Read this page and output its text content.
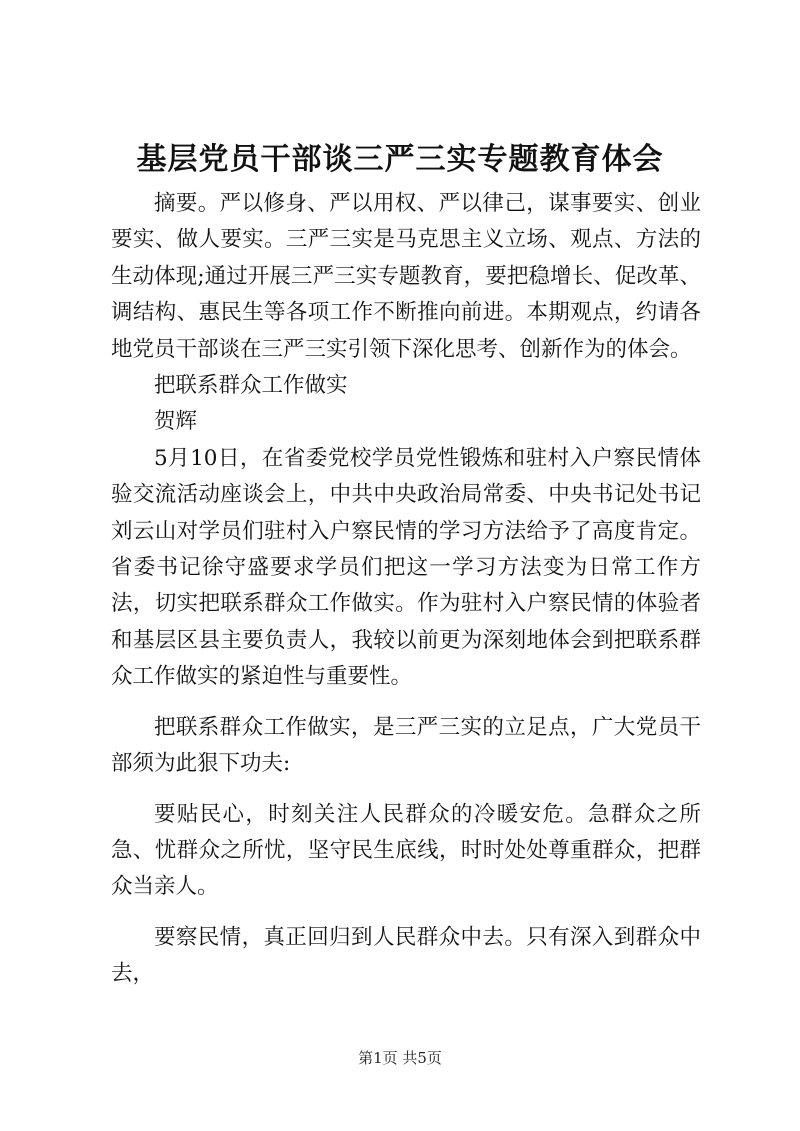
基层党员干部谈三严三实专题教育体会

摘要。严以修身、严以用权、严以律己，谋事要实、创业要实、做人要实。三严三实是马克思主义立场、观点、方法的生动体现;通过开展三严三实专题教育，要把稳增长、促改革、调结构、惠民生等各项工作不断推向前进。本期观点，约请各地党员干部谈在三严三实引领下深化思考、创新作为的体会。

把联系群众工作做实

贺辉

5月10日，在省委党校学员党性锻炼和驻村入户察民情体验交流活动座谈会上，中共中央政治局常委、中央书记处书记刘云山对学员们驻村入户察民情的学习方法给予了高度肯定。省委书记徐守盛要求学员们把这一学习方法变为日常工作方法，切实把联系群众工作做实。作为驻村入户察民情的体验者和基层区县主要负责人，我较以前更为深刻地体会到把联系群众工作做实的紧迫性与重要性。

把联系群众工作做实，是三严三实的立足点，广大党员干部须为此狠下功夫:

要贴民心，时刻关注人民群众的冷暖安危。急群众之所急、忧群众之所忧，坚守民生底线，时时处处尊重群众，把群众当亲人。

要察民情，真正回归到人民群众中去。只有深入到群众中去，

第1页 共5页
